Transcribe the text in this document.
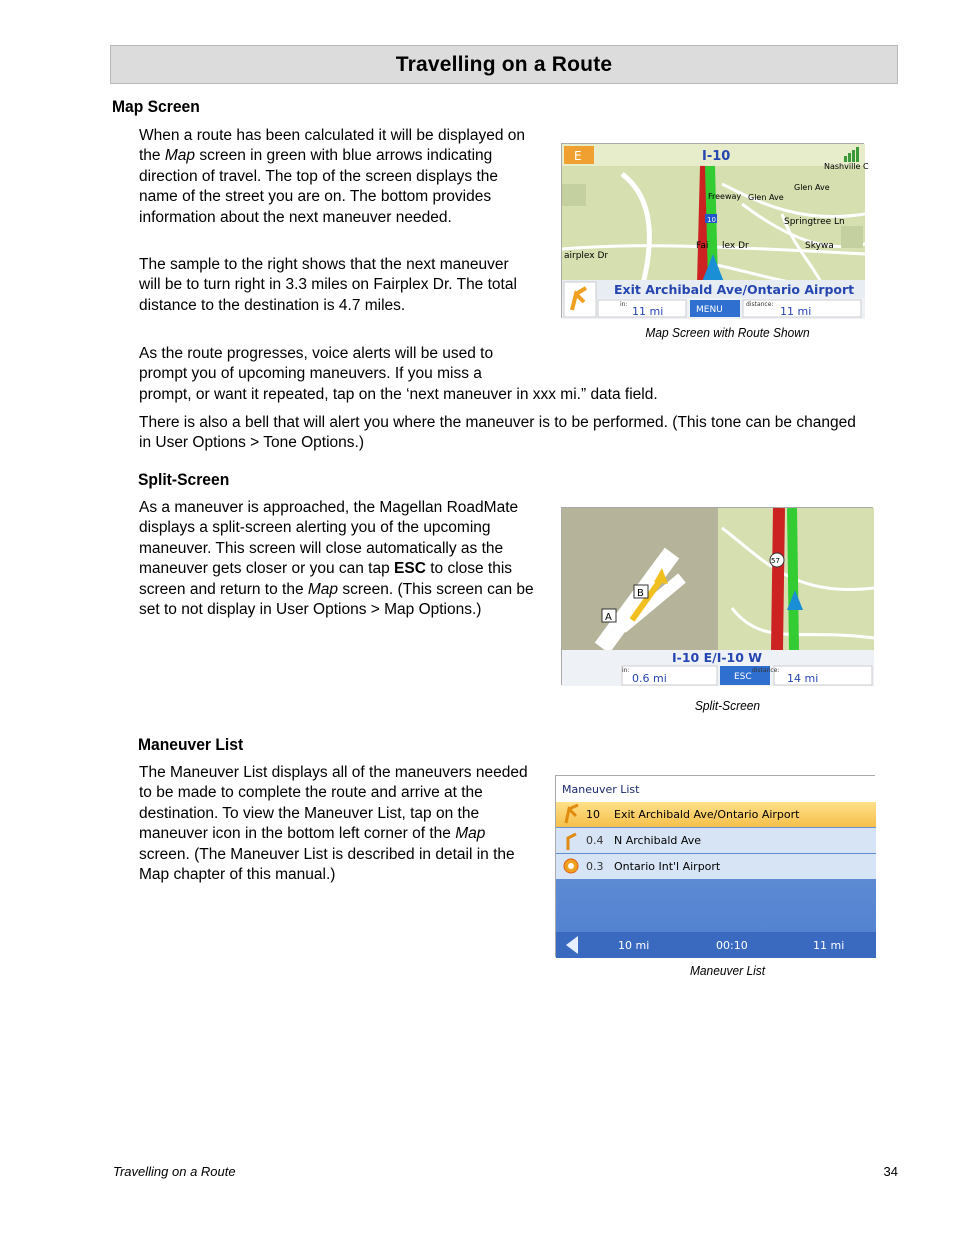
Travelling on a Route
Map Screen
When a route has been calculated it will be displayed on the Map screen in green with blue arrows indicating direction of travel. The top of the screen displays the name of the street you are on. The bottom provides information about the next maneuver needed.
The sample to the right shows that the next maneuver will be to turn right in 3.3 miles on Fairplex Dr. The total distance to the destination is 4.7 miles.
As the route progresses, voice alerts will be used to prompt you of upcoming maneuvers. If you miss a
prompt, or want it repeated, tap on the ‘next maneuver in xxx mi.” data field.
There is also a bell that will alert you where the maneuver is to be performed. (This tone can be changed in User Options > Tone Options.)
E	I-10
Nashville C
Glen Ave
Freeway Glen Ave
Springtree Ln
airplex Dr
Fai lex Dr	Skywa
10
Exit Archibald Ave/Ontario Airport
in:
11 mi	MENU
distance:
11 mi
Map Screen with Route Shown
Split-Screen
As a maneuver is approached, the Magellan RoadMate displays a split-screen alerting you of the upcoming maneuver. This screen will close automatically as the maneuver gets closer or you can tap ESC to close this screen and return to the Map screen. (This screen can be set to not display in User Options > Map Options.)	A
B
57
I-10 E/I-10 W
in:
0.6 mi	ESC
distance:
14 mi
Split-Screen
Maneuver List
The Maneuver List displays all of the maneuvers needed to be made to complete the route and arrive at the destination. To view the Maneuver List, tap on the maneuver icon in the bottom left corner of the Map screen. (The Maneuver List is described in detail in the Map chapter of this manual.)
Maneuver List
10 Exit Archibald Ave/Ontario Airport
0.4 N Archibald Ave
0.3 Ontario Int'l Airport
10 mi	00:10	11 mi
Maneuver List
Travelling on a Route	34
